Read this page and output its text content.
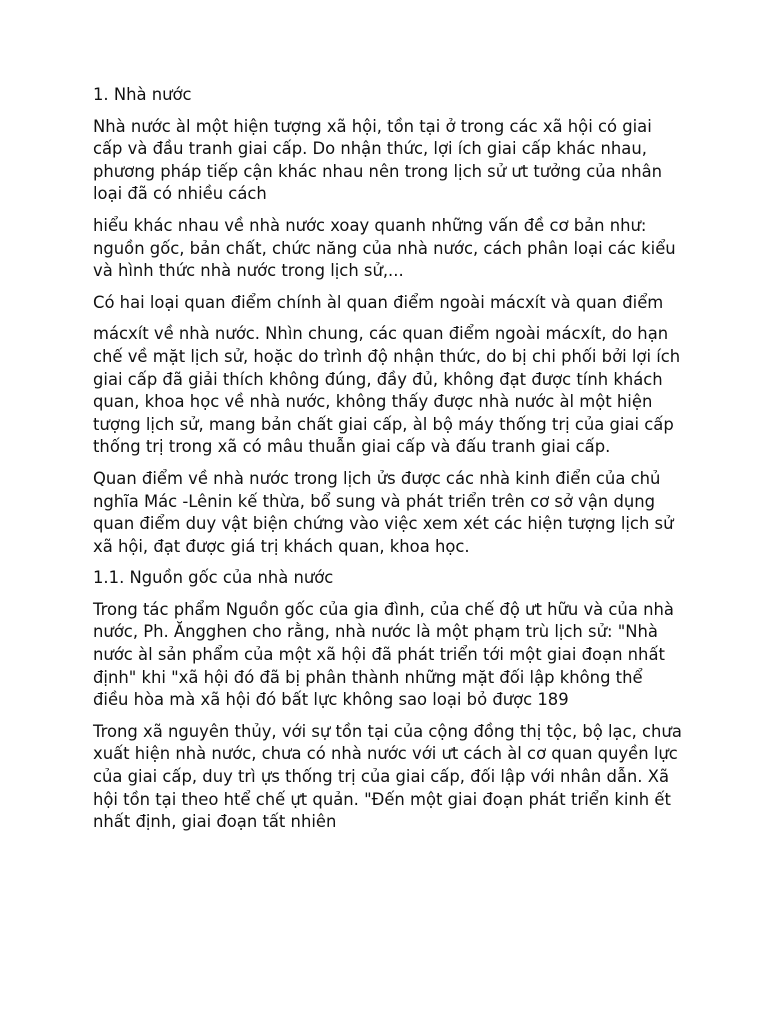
1. Nhà nước

Nhà nước àl một hiện tượng xã hội, tồn tại ở trong các xã hội có giai cấp và đầu tranh giai cấp. Do nhận thức, lợi ích giai cấp khác nhau, phương pháp tiếp cận khác nhau nên trong lịch sử ưt tưởng của nhân loại đã có nhiều cách

hiểu khác nhau về nhà nước xoay quanh những vấn đề cơ bản như: nguồn gốc, bản chất, chức năng của nhà nước, cách phân loại các kiểu và hình thức nhà nước trong lịch sử,...

Có hai loại quan điểm chính àl quan điểm ngoài mácxít và quan điểm

mácxít về nhà nước. Nhìn chung, các quan điểm ngoài mácxít, do hạn chế về mặt lịch sử, hoặc do trình độ nhận thức, do bị chi phối bởi lợi ích giai cấp đã giải thích không đúng, đầy đủ, không đạt được tính khách quan, khoa học về nhà nước, không thấy được nhà nước àl một hiện tượng lịch sử, mang bản chất giai cấp, àl bộ máy thống trị của giai cấp thống trị trong xã có mâu thuẫn giai cấp và đấu tranh giai cấp.

Quan điểm về nhà nước trong lịch ửs được các nhà kinh điển của chủ nghĩa Mác -Lênin kế thừa, bổ sung và phát triển trên cơ sở vận dụng quan điểm duy vật biện chứng vào việc xem xét các hiện tượng lịch sử xã hội, đạt được giá trị khách quan, khoa học.

1.1. Nguồn gốc của nhà nước

Trong tác phẩm Nguồn gốc của gia đình, của chế độ ưt hữu và của nhà nước, Ph. Ăngghen cho rằng, nhà nước là một phạm trù lịch sử: "Nhà nước àl sản phẩm của một xã hội đã phát triển tới một giai đoạn nhất định" khi "xã hội đó đã bị phân thành những mặt đối lập không thể điều hòa mà xã hội đó bất lực không sao loại bỏ được 189

Trong xã nguyên thủy, với sự tồn tại của cộng đồng thị tộc, bộ lạc, chưa xuất hiện nhà nước, chưa có nhà nước với ưt cách àl cơ quan quyền lực của giai cấp, duy trì ựs thống trị của giai cấp, đối lập với nhân dẫn. Xã hội tồn tại theo htể chế ựt quản. "Đến một giai đoạn phát triển kinh ết nhất định, giai đoạn tất nhiên
